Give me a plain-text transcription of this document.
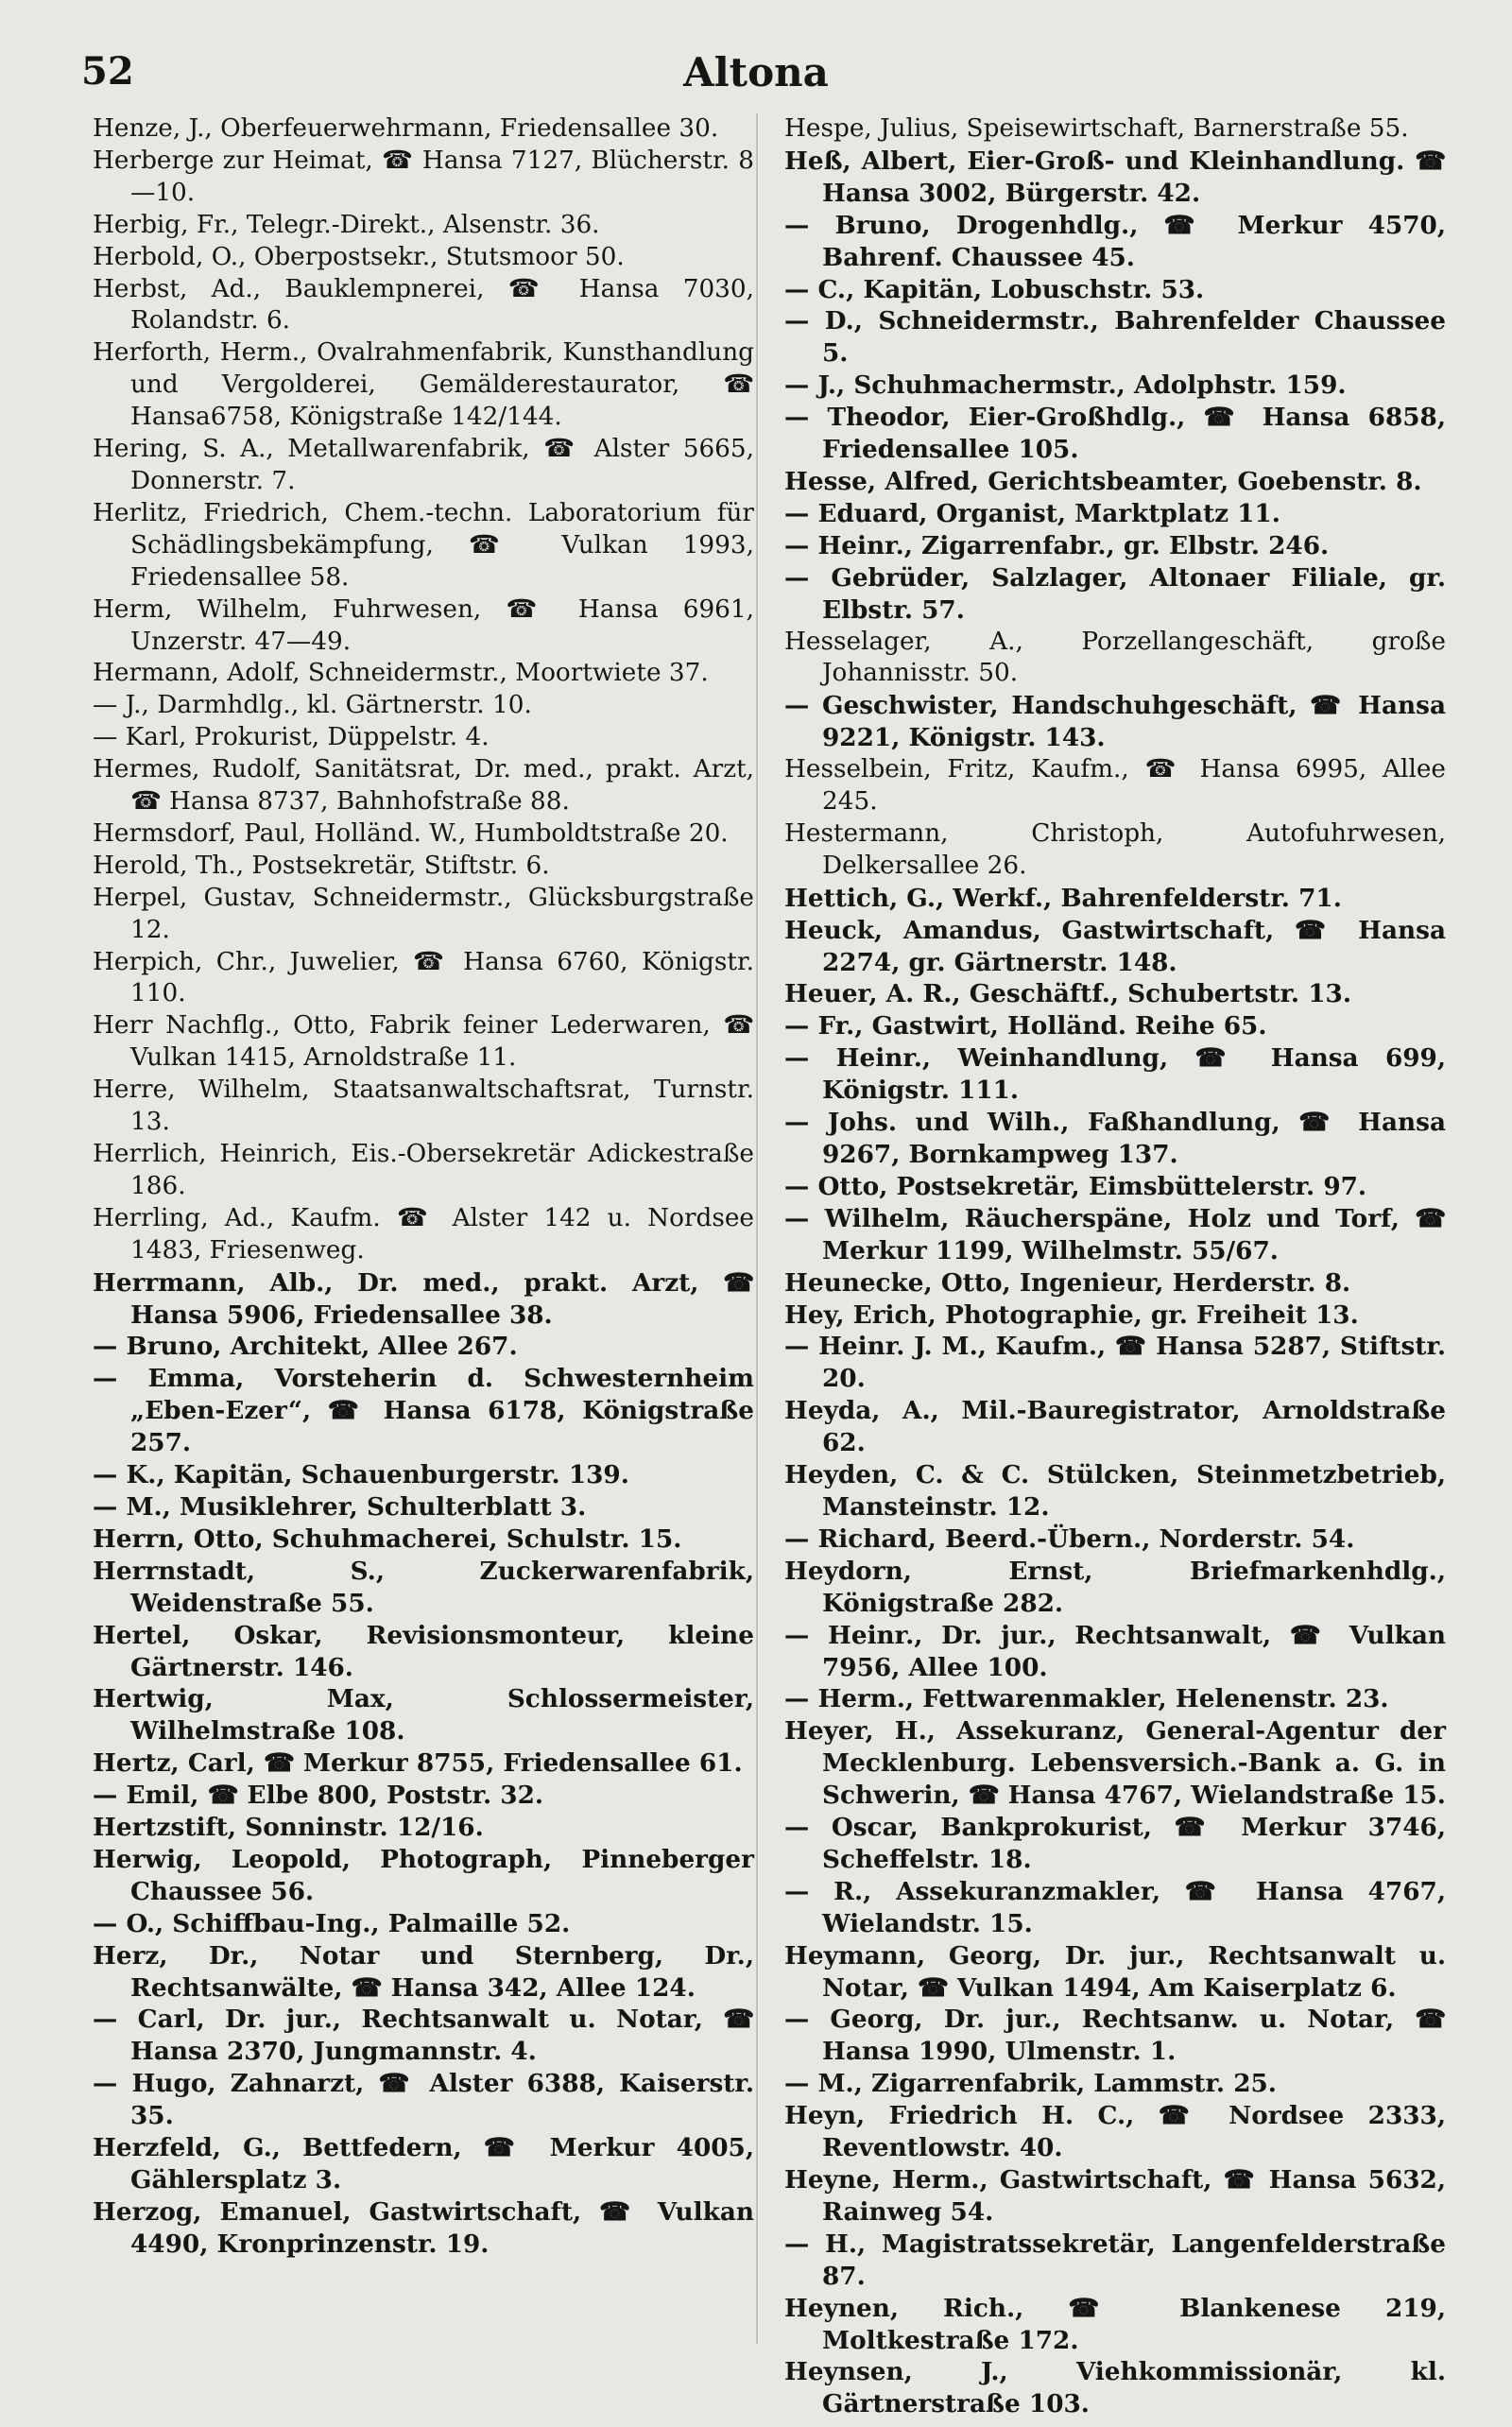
52	Altona
Henze, J., Oberfeuerwehrmann, Friedensallee 30.
Herberge zur Heimat, ☎ Hansa 7127, Blücherstr. 8—10.
Herbig, Fr., Telegr.-Direkt., Alsenstr. 36.
Herbold, O., Oberpostsekr., Stutsmoor 50.
Herbst, Ad., Bauklempnerei, ☎ Hansa 7030, Rolandstr. 6.
Herforth, Herm., Ovalrahmenfabrik, Kunsthandlung und Vergolderei, Gemälderestaurator, ☎ Hansa6758, Königstraße 142/144.
Hering, S. A., Metallwarenfabrik, ☎ Alster 5665, Donnerstr. 7.
Herlitz, Friedrich, Chem.-techn. Laboratorium für Schädlingsbekämpfung, ☎ Vulkan 1993, Friedensallee 58.
Herm, Wilhelm, Fuhrwesen, ☎ Hansa 6961, Unzerstr. 47—49.
Hermann, Adolf, Schneidermstr., Moortwiete 37.
— J., Darmhdlg., kl. Gärtnerstr. 10.
— Karl, Prokurist, Düppelstr. 4.
Hermes, Rudolf, Sanitätsrat, Dr. med., prakt. Arzt, ☎ Hansa 8737, Bahnhofstraße 88.
Hermsdorf, Paul, Holländ. W., Humboldtstraße 20.
Herold, Th., Postsekretär, Stiftstr. 6.
Herpel, Gustav, Schneidermstr., Glücksburgstraße 12.
Herpich, Chr., Juwelier, ☎ Hansa 6760, Königstr. 110.
Herr Nachflg., Otto, Fabrik feiner Lederwaren, ☎ Vulkan 1415, Arnoldstraße 11.
Herre, Wilhelm, Staatsanwaltschaftsrat, Turnstr. 13.
Herrlich, Heinrich, Eis.-Obersekretär Adickestraße 186.
Herrling, Ad., Kaufm. ☎ Alster 142 u. Nordsee 1483, Friesenweg.
Herrmann, Alb., Dr. med., prakt. Arzt, ☎ Hansa 5906, Friedensallee 38.
— Bruno, Architekt, Allee 267.
— Emma, Vorsteherin d. Schwesternheim „Eben-Ezer“, ☎ Hansa 6178, Königstraße 257.
— K., Kapitän, Schauenburgerstr. 139.
— M., Musiklehrer, Schulterblatt 3.
Herrn, Otto, Schuhmacherei, Schulstr. 15.
Herrnstadt, S., Zuckerwarenfabrik, Weidenstraße 55.
Hertel, Oskar, Revisionsmonteur, kleine Gärtnerstr. 146.
Hertwig, Max, Schlossermeister, Wilhelmstraße 108.
Hertz, Carl, ☎ Merkur 8755, Friedensallee 61.
— Emil, ☎ Elbe 800, Poststr. 32.
Hertzstift, Sonninstr. 12/16.
Herwig, Leopold, Photograph, Pinneberger Chaussee 56.
— O., Schiffbau-Ing., Palmaille 52.
Herz, Dr., Notar und Sternberg, Dr., Rechtsanwälte, ☎ Hansa 342, Allee 124.
— Carl, Dr. jur., Rechtsanwalt u. Notar, ☎ Hansa 2370, Jungmannstr. 4.
— Hugo, Zahnarzt, ☎ Alster 6388, Kaiserstr. 35.
Herzfeld, G., Bettfedern, ☎ Merkur 4005, Gählersplatz 3.
Herzog, Emanuel, Gastwirtschaft, ☎ Vulkan 4490, Kronprinzenstr. 19.
Hespe, Julius, Speisewirtschaft, Barnerstraße 55.
Heß, Albert, Eier-Groß- und Kleinhandlung. ☎ Hansa 3002, Bürgerstr. 42.
— Bruno, Drogenhdlg., ☎ Merkur 4570, Bahrenf. Chaussee 45.
— C., Kapitän, Lobuschstr. 53.
— D., Schneidermstr., Bahrenfelder Chaussee 5.
— J., Schuhmachermstr., Adolphstr. 159.
— Theodor, Eier-Großhdlg., ☎ Hansa 6858, Friedensallee 105.
Hesse, Alfred, Gerichtsbeamter, Goebenstr. 8.
— Eduard, Organist, Marktplatz 11.
— Heinr., Zigarrenfabr., gr. Elbstr. 246.
— Gebrüder, Salzlager, Altonaer Filiale, gr. Elbstr. 57.
Hesselager, A., Porzellangeschäft, große Johannisstr. 50.
— Geschwister, Handschuhgeschäft, ☎ Hansa 9221, Königstr. 143.
Hesselbein, Fritz, Kaufm., ☎ Hansa 6995, Allee 245.
Hestermann, Christoph, Autofuhrwesen, Delkersallee 26.
Hettich, G., Werkf., Bahrenfelderstr. 71.
Heuck, Amandus, Gastwirtschaft, ☎ Hansa 2274, gr. Gärtnerstr. 148.
Heuer, A. R., Geschäftf., Schubertstr. 13.
— Fr., Gastwirt, Holländ. Reihe 65.
— Heinr., Weinhandlung, ☎ Hansa 699, Königstr. 111.
— Johs. und Wilh., Faßhandlung, ☎ Hansa 9267, Bornkampweg 137.
— Otto, Postsekretär, Eimsbüttelerstr. 97.
— Wilhelm, Räucherspäne, Holz und Torf, ☎ Merkur 1199, Wilhelmstr. 55/67.
Heunecke, Otto, Ingenieur, Herderstr. 8.
Hey, Erich, Photographie, gr. Freiheit 13.
— Heinr. J. M., Kaufm., ☎ Hansa 5287, Stiftstr. 20.
Heyda, A., Mil.-Bauregistrator, Arnoldstraße 62.
Heyden, C. & C. Stülcken, Steinmetzbetrieb, Mansteinstr. 12.
— Richard, Beerd.-Übern., Norderstr. 54.
Heydorn, Ernst, Briefmarkenhdlg., Königstraße 282.
— Heinr., Dr. jur., Rechtsanwalt, ☎ Vulkan 7956, Allee 100.
— Herm., Fettwarenmakler, Helenenstr. 23.
Heyer, H., Assekuranz, General-Agentur der Mecklenburg. Lebensversich.-Bank a. G. in Schwerin, ☎ Hansa 4767, Wielandstraße 15.
— Oscar, Bankprokurist, ☎ Merkur 3746, Scheffelstr. 18.
— R., Assekuranzmakler, ☎ Hansa 4767, Wielandstr. 15.
Heymann, Georg, Dr. jur., Rechtsanwalt u. Notar, ☎ Vulkan 1494, Am Kaiserplatz 6.
— Georg, Dr. jur., Rechtsanw. u. Notar, ☎ Hansa 1990, Ulmenstr. 1.
— M., Zigarrenfabrik, Lammstr. 25.
Heyn, Friedrich H. C., ☎ Nordsee 2333, Reventlowstr. 40.
Heyne, Herm., Gastwirtschaft, ☎ Hansa 5632, Rainweg 54.
— H., Magistratssekretär, Langenfelderstraße 87.
Heynen, Rich., ☎ Blankenese 219, Moltkestraße 172.
Heynsen, J., Viehkommissionär, kl. Gärtnerstraße 103.
